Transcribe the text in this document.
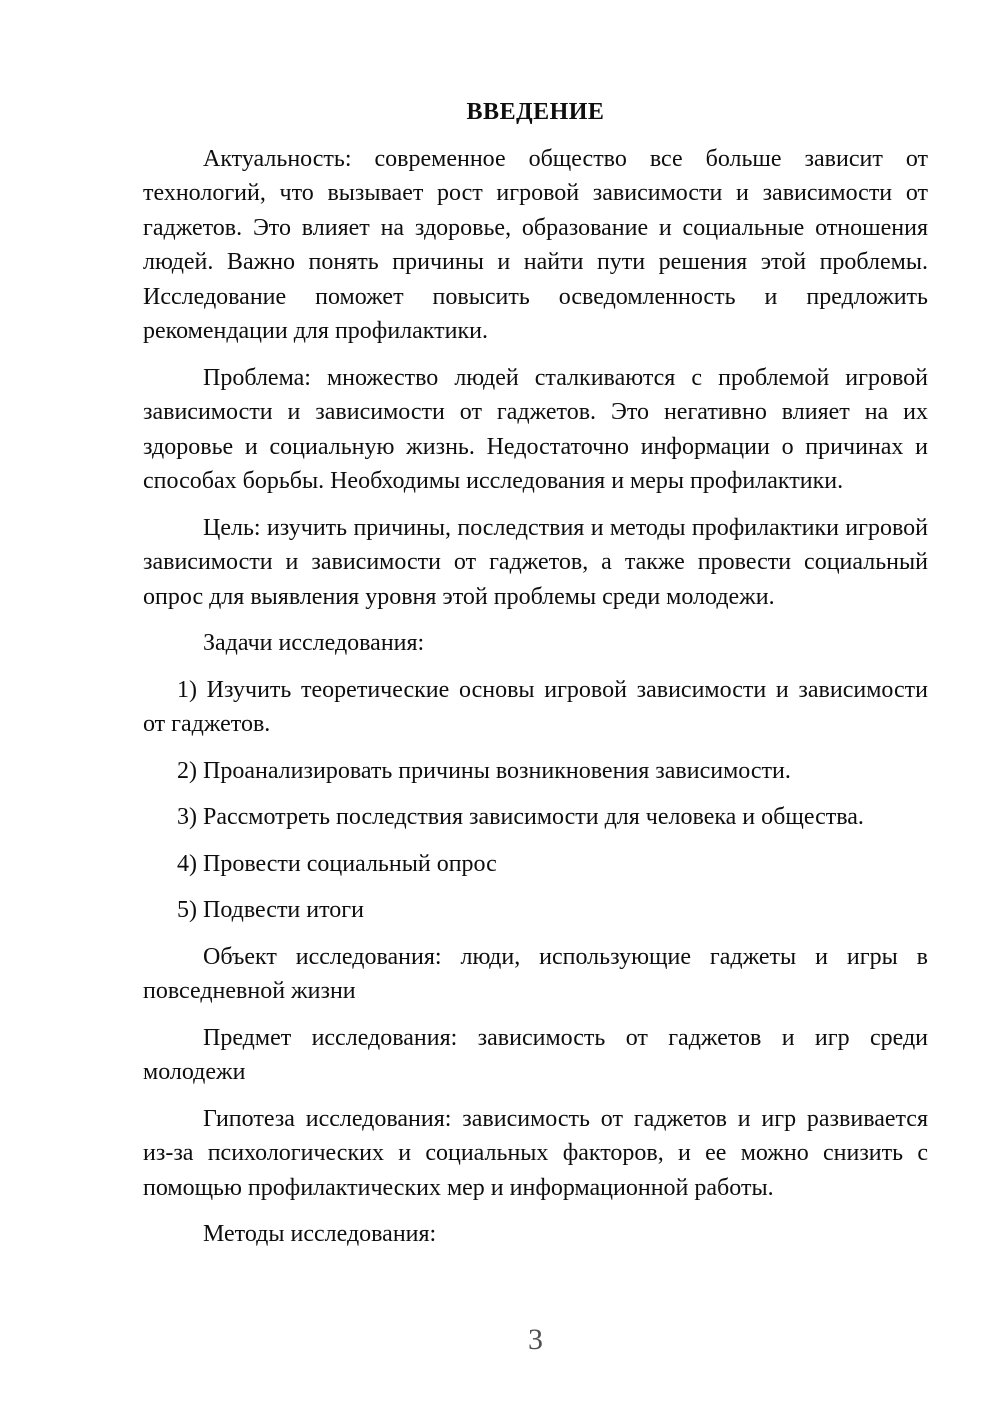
ВВЕДЕНИЕ

Актуальность: современное общество все больше зависит от технологий, что вызывает рост игровой зависимости и зависимости от гаджетов. Это влияет на здоровье, образование и социальные отношения людей. Важно понять причины и найти пути решения этой проблемы. Исследование поможет повысить осведомленность и предложить рекомендации для профилактики.

Проблема: множество людей сталкиваются с проблемой игровой зависимости и зависимости от гаджетов. Это негативно влияет на их здоровье и социальную жизнь. Недостаточно информации о причинах и способах борьбы. Необходимы исследования и меры профилактики.

Цель: изучить причины, последствия и методы профилактики игровой зависимости и зависимости от гаджетов, а также провести социальный опрос для выявления уровня этой проблемы среди молодежи.

Задачи исследования:

1) Изучить теоретические основы игровой зависимости и зависимости от гаджетов.

2) Проанализировать причины возникновения зависимости.

3) Рассмотреть последствия зависимости для человека и общества.

4) Провести социальный опрос

5) Подвести итоги

Объект исследования: люди, использующие гаджеты и игры в повседневной жизни

Предмет исследования: зависимость от гаджетов и игр среди молодежи

Гипотеза исследования: зависимость от гаджетов и игр развивается из-за психологических и социальных факторов, и ее можно снизить с помощью профилактических мер и информационной работы.

Методы исследования:

3
